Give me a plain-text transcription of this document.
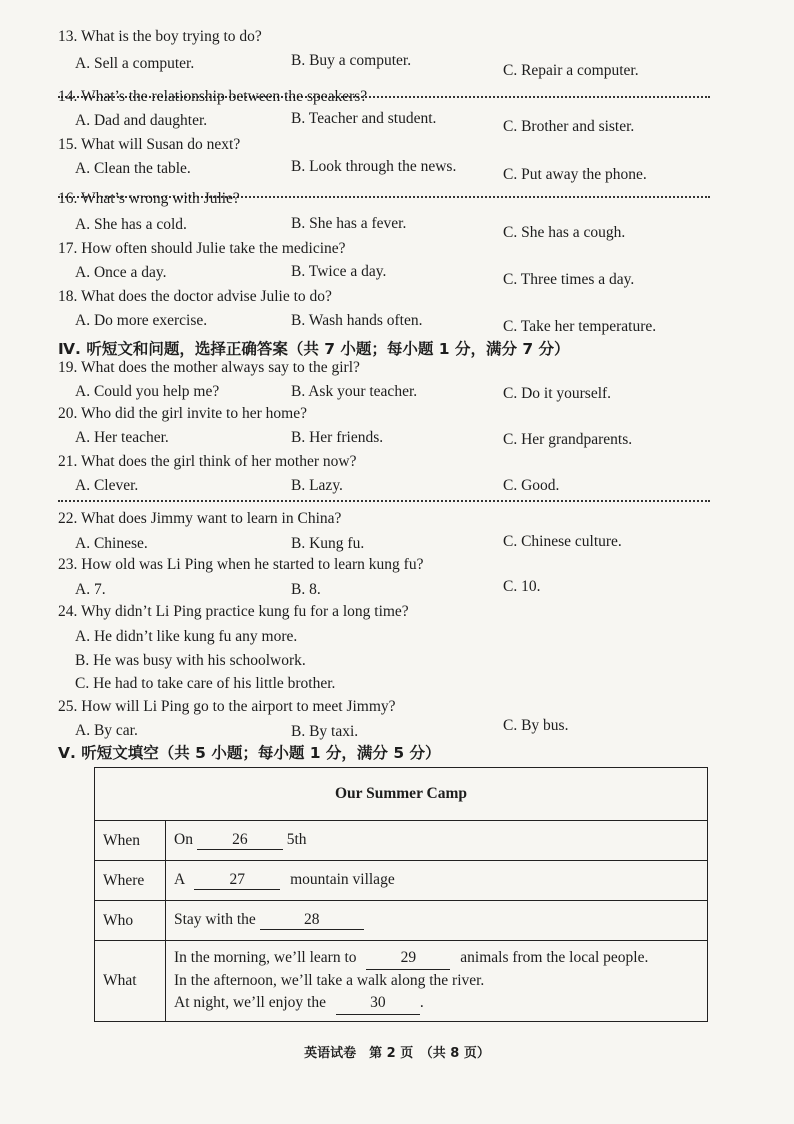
13. What is the boy trying to do?
A. Sell a computer.	B. Buy a computer.
C. Repair a computer.
14. What’s the relationship between the speakers?
A. Dad and daughter.	B. Teacher and student.	C. Brother and sister.
15. What will Susan do next?
A. Clean the table.	B. Look through the news.	C. Put away the phone.
16. What’s wrong with Julie?
A. She has a cold.	B. She has a fever.
C. She has a cough.
17. How often should Julie take the medicine?
A. Once a day.	B. Twice a day.	C. Three times a day.
18. What does the doctor advise Julie to do?
A. Do more exercise.	B. Wash hands often.	C. Take her temperature.
Ⅳ. 听短文和问题，选择正确答案（共 7 小题；每小题 1 分，满分 7 分）
19. What does the mother always say to the girl?
A. Could you help me?	B. Ask your teacher.	C. Do it yourself.
20. Who did the girl invite to her home?
A. Her teacher.	B. Her friends.	C. Her grandparents.
21. What does the girl think of her mother now?
A. Clever.	B. Lazy.	C. Good.
22. What does Jimmy want to learn in China?
A. Chinese.	B. Kung fu.	C. Chinese culture.
23. How old was Li Ping when he started to learn kung fu?
A. 7.	B. 8.	C. 10.
24. Why didn’t Li Ping practice kung fu for a long time?
A. He didn’t like kung fu any more.
B. He was busy with his schoolwork.
C. He had to take care of his little brother.
25. How will Li Ping go to the airport to meet Jimmy?
A. By car.	B. By taxi.	C. By bus.
Ⅴ. 听短文填空（共 5 小题；每小题 1 分，满分 5 分）
Our Summer Camp	
When	On 26 5th
Where	A 27 mountain village
Who	Stay with the 28
What	In the morning, we’ll learn to 29 animals from the local people.
In the afternoon, we’ll take a walk along the river.
At night, we’ll enjoy the 30 .
英语试卷　第 2 页　（共 8 页）
